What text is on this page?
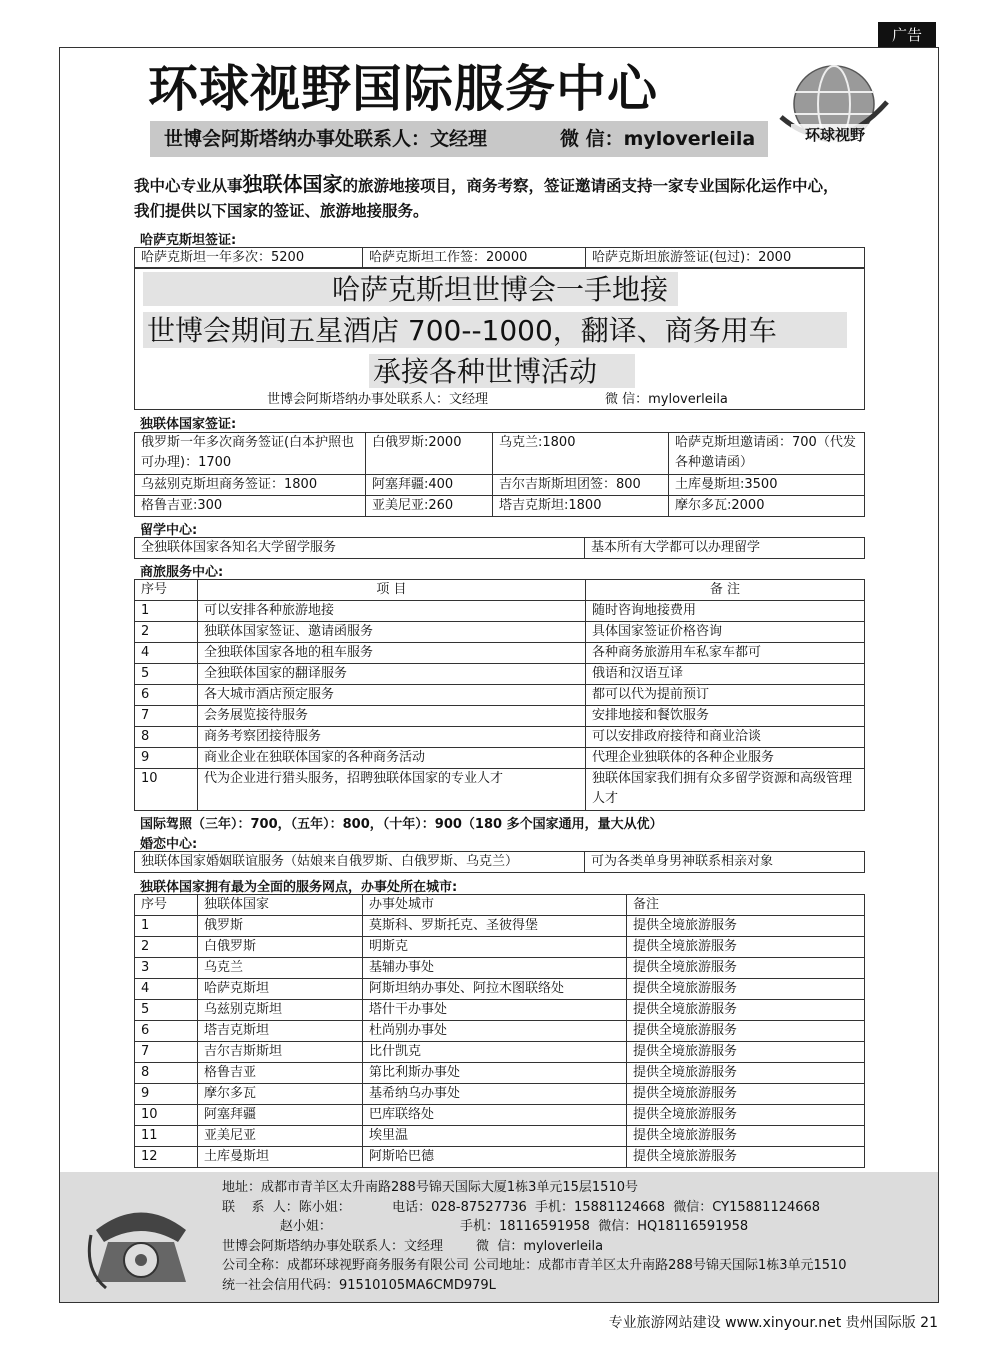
广告
环球视野国际服务中心
世博会阿斯塔纳办事处联系人：文经理	微 信：myloverleila	环球视野
我中心专业从事独联体国家的旅游地接项目，商务考察，签证邀请函支持一家专业国际化运作中心，
我们提供以下国家的签证、旅游地接服务。
哈萨克斯坦签证:
哈萨克斯坦一年多次：5200	哈萨克斯坦工作签：20000	哈萨克斯坦旅游签证(包过)：2000
哈萨克斯坦世博会一手地接
世博会期间五星酒店 700--1000，翻译、商务用车
承接各种世博活动
世博会阿斯塔纳办事处联系人：文经理	微 信：myloverleila
独联体国家签证:
俄罗斯一年多次商务签证(白本护照也可办理)：1700	白俄罗斯:2000	乌克兰:1800	哈萨克斯坦邀请函：700（代发各种邀请函）
乌兹别克斯坦商务签证：1800	阿塞拜疆:400	吉尔吉斯斯坦团签：800	土库曼斯坦:3500
格鲁吉亚:300	亚美尼亚:260	塔吉克斯坦:1800	摩尔多瓦:2000
留学中心:
全独联体国家各知名大学留学服务	基本所有大学都可以办理留学
商旅服务中心:
序号	项 目	备 注
1	可以安排各种旅游地接	随时咨询地接费用
2	独联体国家签证、邀请函服务	具体国家签证价格咨询
4	全独联体国家各地的租车服务	各种商务旅游用车私家车都可
5	全独联体国家的翻译服务	俄语和汉语互译
6	各大城市酒店预定服务	都可以代为提前预订
7	会务展览接待服务	安排地接和餐饮服务
8	商务考察团接待服务	可以安排政府接待和商业洽谈
9	商业企业在独联体国家的各种商务活动	代理企业独联体的各种企业服务
10	代为企业进行猎头服务，招聘独联体国家的专业人才	独联体国家我们拥有众多留学资源和高级管理人才
国际驾照（三年）：700，（五年）：800，（十年）：900（180 多个国家通用，量大从优）
婚恋中心:
独联体国家婚姻联谊服务（姑娘来自俄罗斯、白俄罗斯、乌克兰）	可为各类单身男神联系相亲对象
独联体国家拥有最为全面的服务网点，办事处所在城市:
序号	独联体国家	办事处城市	备注
1	俄罗斯	莫斯科、罗斯托克、圣彼得堡	提供全境旅游服务
2	白俄罗斯	明斯克	提供全境旅游服务
3	乌克兰	基辅办事处	提供全境旅游服务
4	哈萨克斯坦	阿斯坦纳办事处、阿拉木图联络处	提供全境旅游服务
5	乌兹别克斯坦	塔什干办事处	提供全境旅游服务
6	塔吉克斯坦	杜尚别办事处	提供全境旅游服务
7	吉尔吉斯斯坦	比什凯克	提供全境旅游服务
8	格鲁吉亚	第比利斯办事处	提供全境旅游服务
9	摩尔多瓦	基希纳乌办事处	提供全境旅游服务
10	阿塞拜疆	巴库联络处	提供全境旅游服务
11	亚美尼亚	埃里温	提供全境旅游服务
12	土库曼斯坦	阿斯哈巴德	提供全境旅游服务
地址：成都市青羊区太升南路288号锦天国际大厦1栋3单元15层1510号
联    系  人：陈小姐：          电话：028-87527736  手机：15881124668  微信：CY15881124668
赵小姐：                               手机：18116591958  微信：HQ18116591958
世博会阿斯塔纳办事处联系人：文经理        微  信：myloverleila
公司全称：成都环球视野商务服务有限公司 公司地址：成都市青羊区太升南路288号锦天国际1栋3单元1510
统一社会信用代码：91510105MA6CMD979L
专业旅游网站建设 www.xinyour.net 贵州国际版 21
